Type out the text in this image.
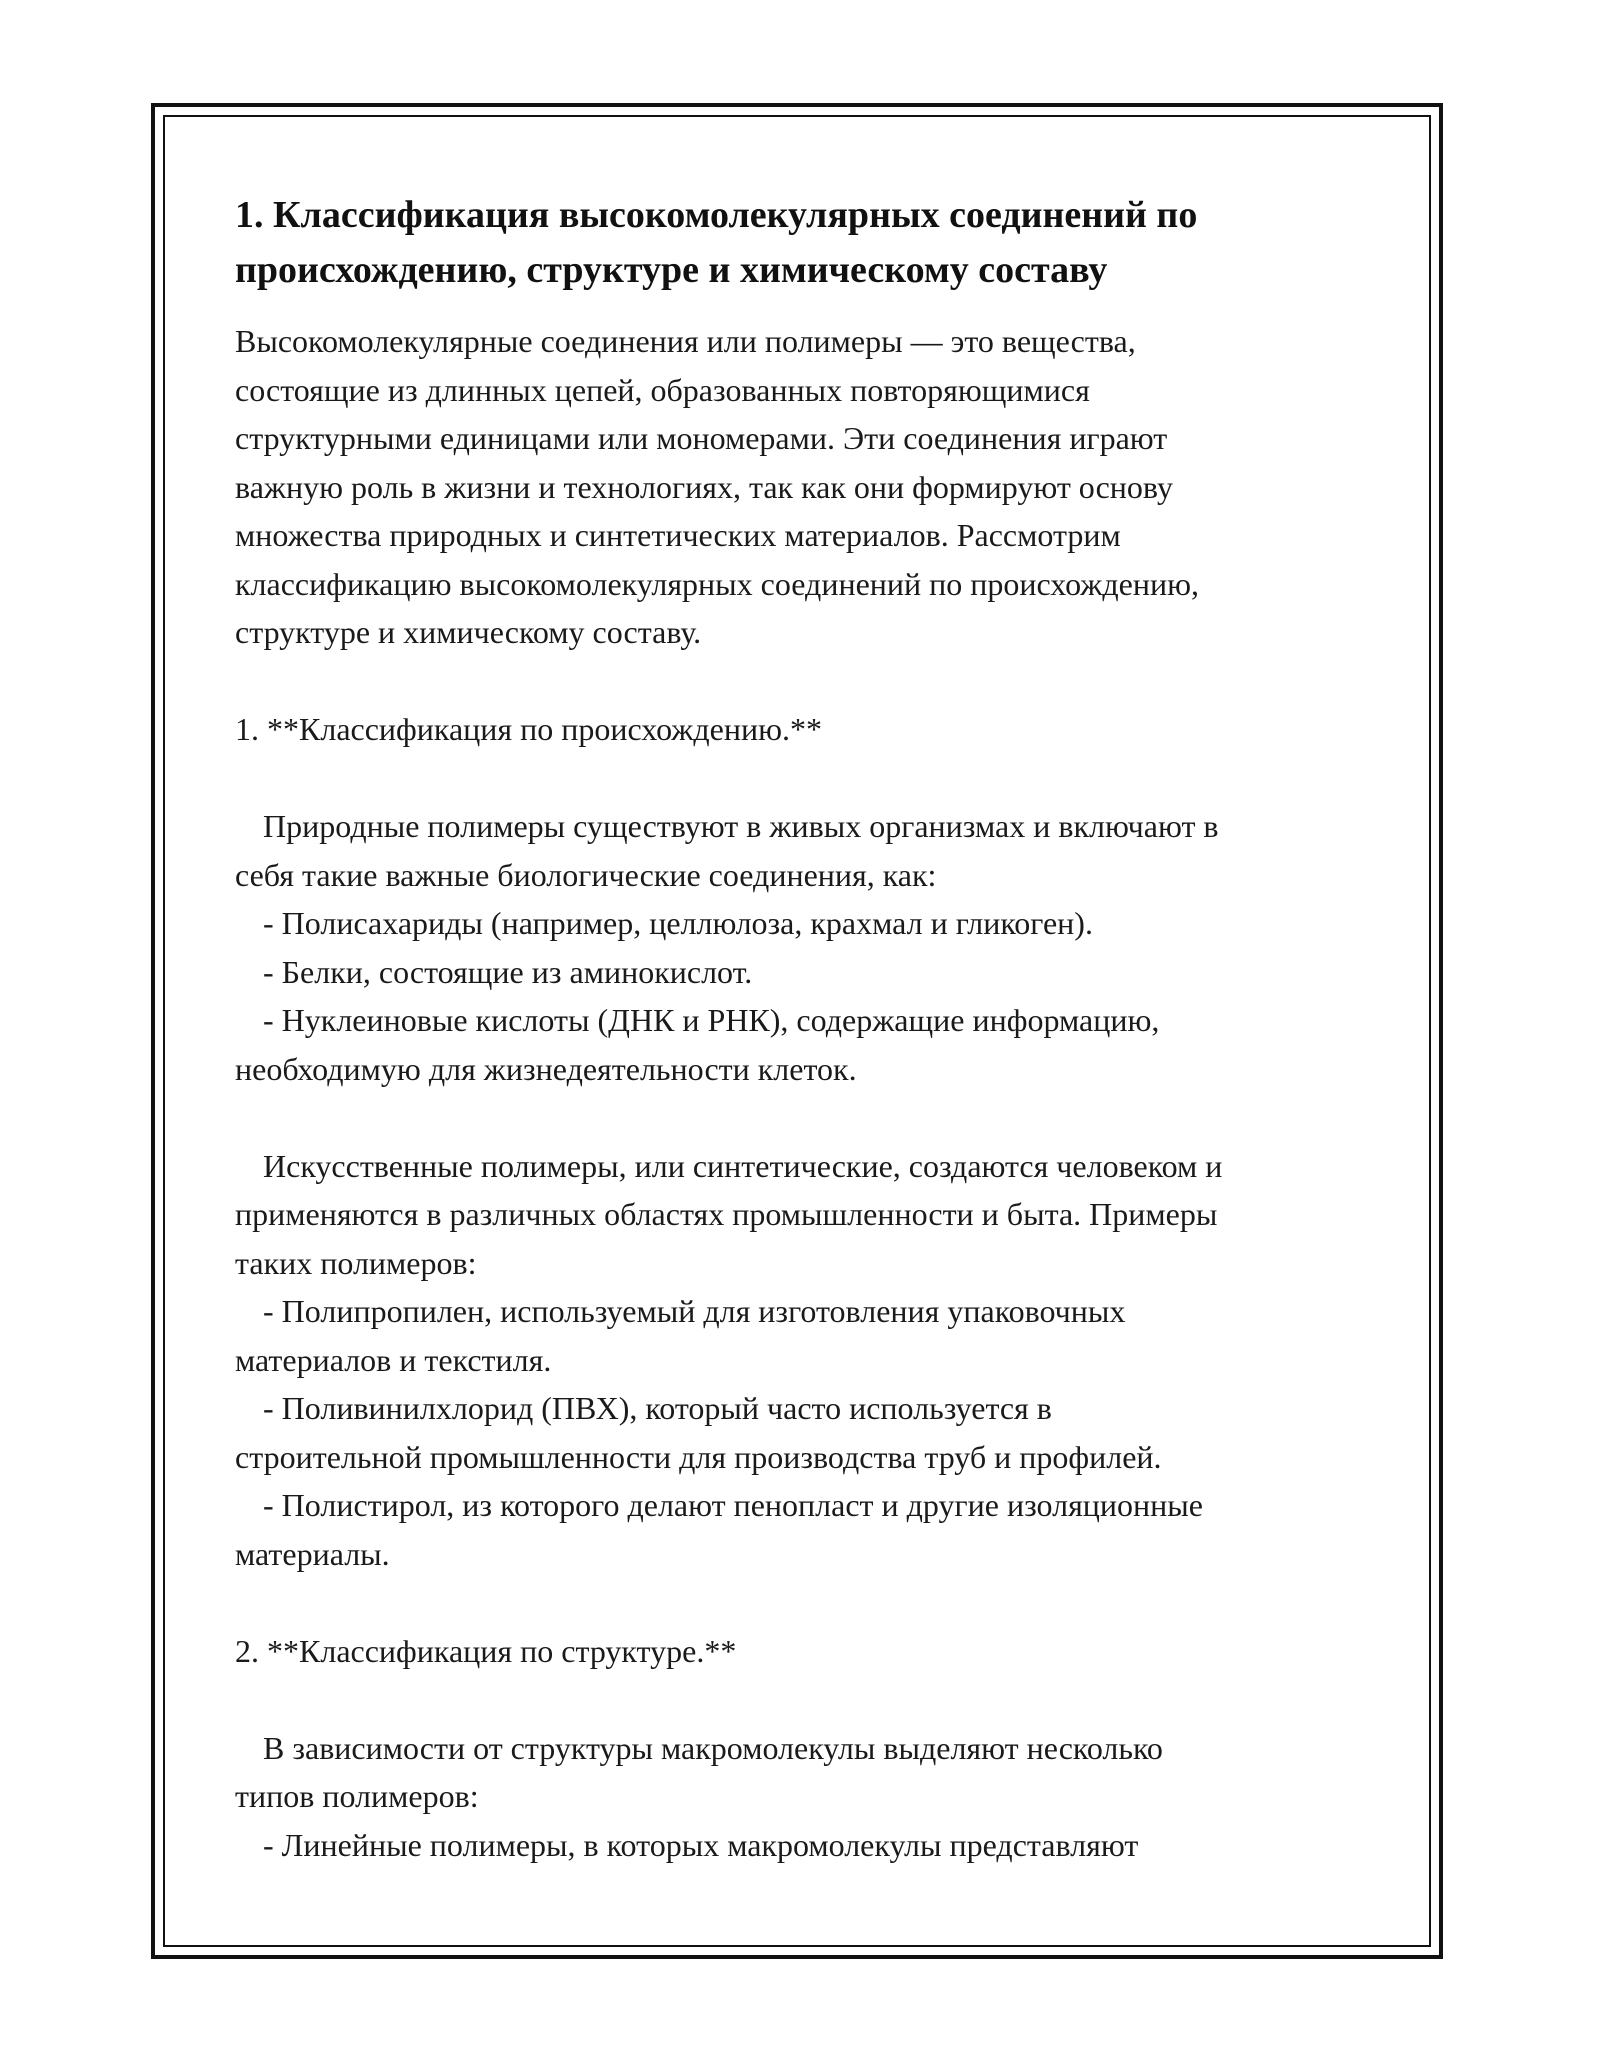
1. Классификация высокомолекулярных соединений по
происхождению, структуре и химическому составу
Высокомолекулярные соединения или полимеры — это вещества,
состоящие из длинных цепей, образованных повторяющимися
структурными единицами или мономерами. Эти соединения играют
важную роль в жизни и технологиях, так как они формируют основу
множества природных и синтетических материалов. Рассмотрим
классификацию высокомолекулярных соединений по происхождению,
структуре и химическому составу.
1. **Классификация по происхождению.**
Природные полимеры существуют в живых организмах и включают в
себя такие важные биологические соединения, как:
- Полисахариды (например, целлюлоза, крахмал и гликоген).
- Белки, состоящие из аминокислот.
- Нуклеиновые кислоты (ДНК и РНК), содержащие информацию,
необходимую для жизнедеятельности клеток.
Искусственные полимеры, или синтетические, создаются человеком и
применяются в различных областях промышленности и быта. Примеры
таких полимеров:
- Полипропилен, используемый для изготовления упаковочных
материалов и текстиля.
- Поливинилхлорид (ПВХ), который часто используется в
строительной промышленности для производства труб и профилей.
- Полистирол, из которого делают пенопласт и другие изоляционные
материалы.
2. **Классификация по структуре.**
В зависимости от структуры макромолекулы выделяют несколько
типов полимеров:
- Линейные полимеры, в которых макромолекулы представляют
